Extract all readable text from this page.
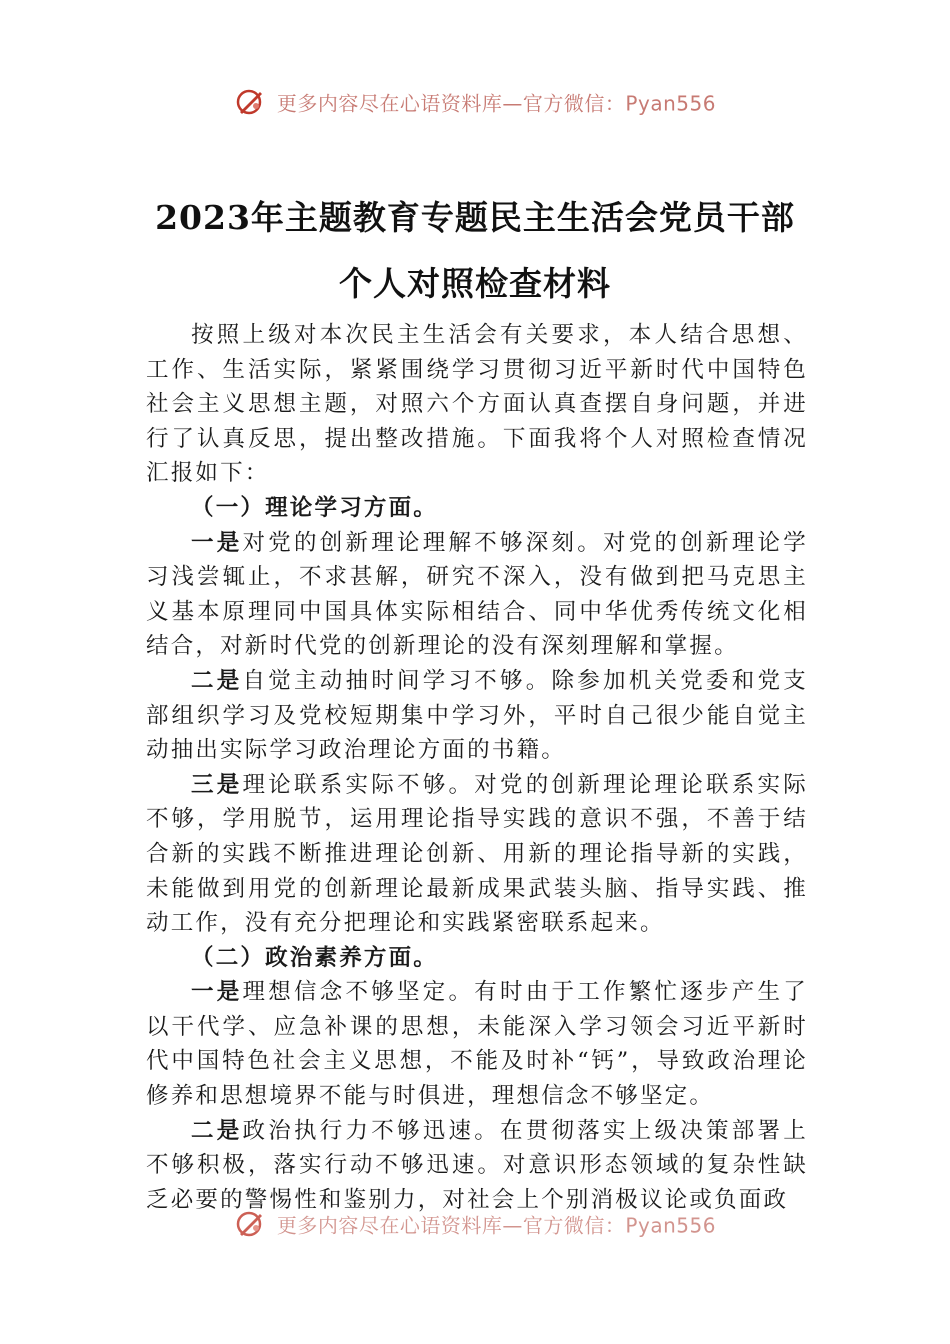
更多内容尽在心语资料库—官方微信：Pyan556
2023年主题教育专题民主生活会党员干部
个人对照检查材料

按照上级对本次民主生活会有关要求，本人结合思想、工作、生活实际，紧紧围绕学习贯彻习近平新时代中国特色社会主义思想主题，对照六个方面认真查摆自身问题，并进行了认真反思，提出整改措施。下面我将个人对照检查情况汇报如下：

（一）理论学习方面。

一是对党的创新理论理解不够深刻。对党的创新理论学习浅尝辄止，不求甚解，研究不深入，没有做到把马克思主义基本原理同中国具体实际相结合、同中华优秀传统文化相结合，对新时代党的创新理论的没有深刻理解和掌握。

二是自觉主动抽时间学习不够。除参加机关党委和党支部组织学习及党校短期集中学习外，平时自己很少能自觉主动抽出实际学习政治理论方面的书籍。

三是理论联系实际不够。对党的创新理论理论联系实际不够，学用脱节，运用理论指导实践的意识不强，不善于结合新的实践不断推进理论创新、用新的理论指导新的实践，未能做到用党的创新理论最新成果武装头脑、指导实践、推动工作，没有充分把理论和实践紧密联系起来。

（二）政治素养方面。

一是理想信念不够坚定。有时由于工作繁忙逐步产生了以干代学、应急补课的思想，未能深入学习领会习近平新时代中国特色社会主义思想，不能及时补“钙”，导致政治理论修养和思想境界不能与时俱进，理想信念不够坚定。

二是政治执行力不够迅速。在贯彻落实上级决策部署上不够积极，落实行动不够迅速。对意识形态领域的复杂性缺乏必要的警惕性和鉴别力，对社会上个别消极议论或负面政

更多内容尽在心语资料库—官方微信：Pyan556
